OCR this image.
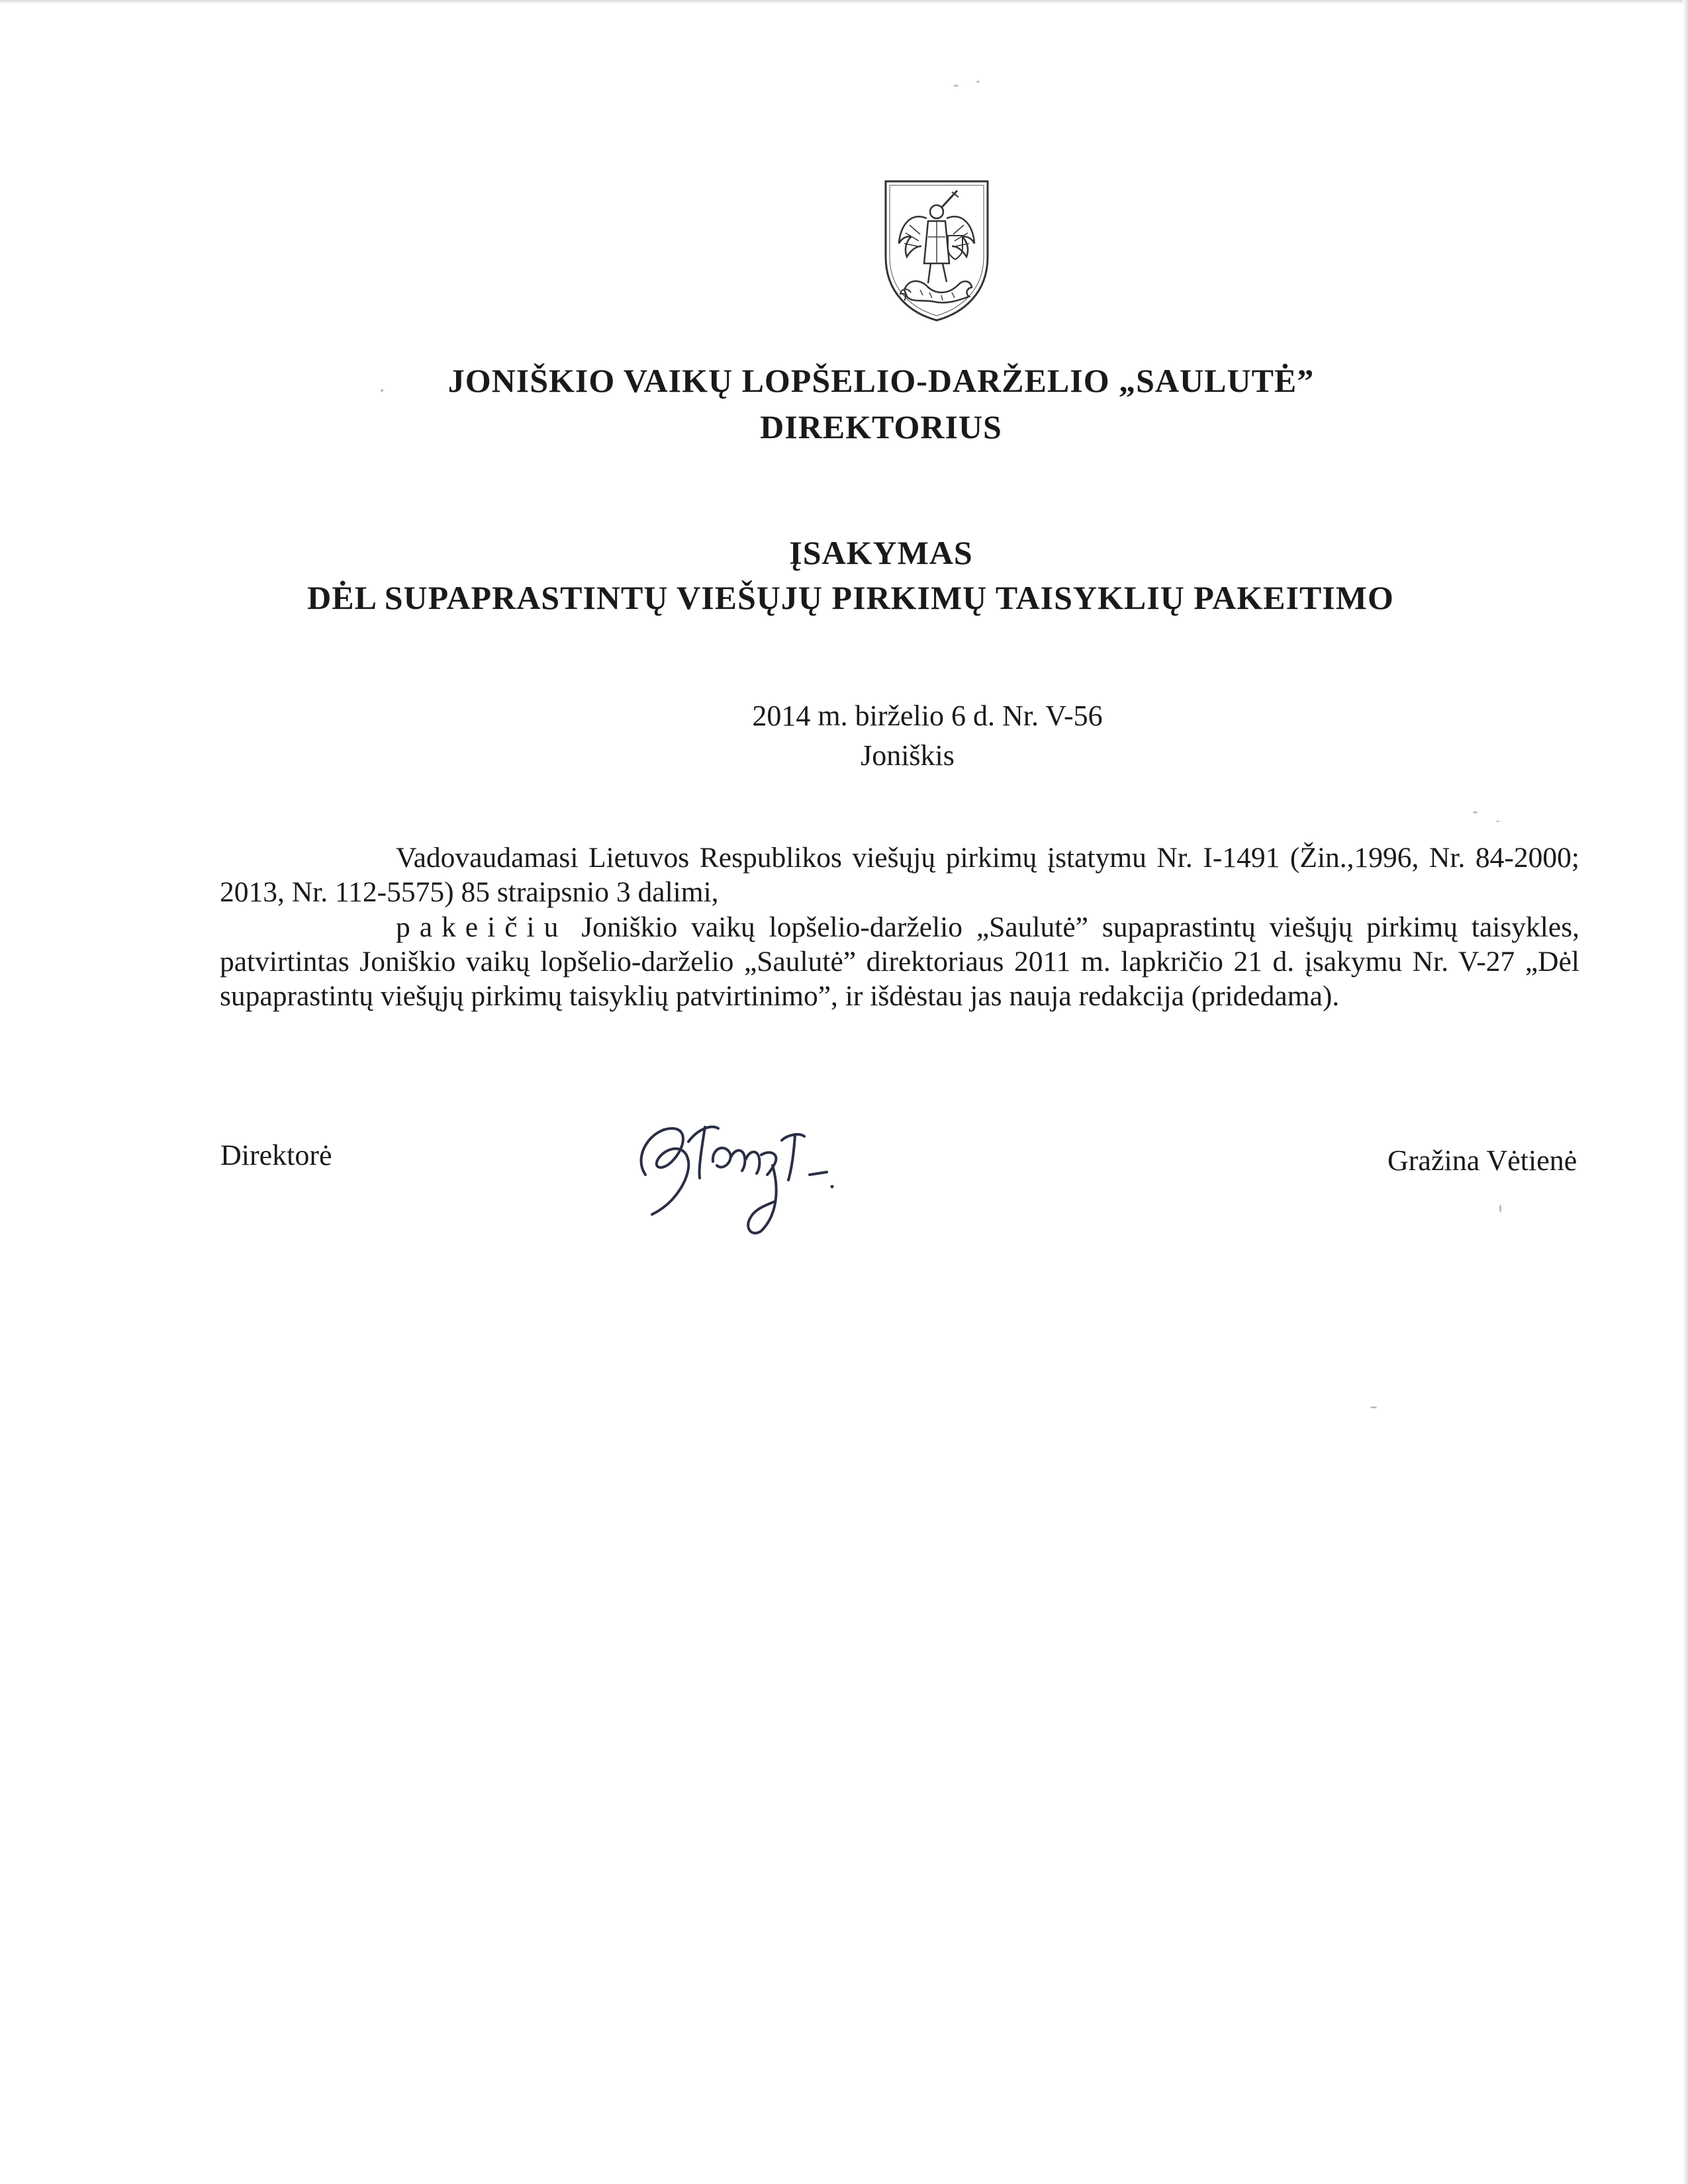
JONIŠKIO VAIKŲ LOPŠELIO-DARŽELIO „SAULUTĖ”
DIREKTORIUS
ĮSAKYMAS
DĖL SUPAPRASTINTŲ VIEŠŲJŲ PIRKIMŲ TAISYKLIŲ PAKEITIMO
2014 m. birželio 6 d. Nr. V-56
Joniškis
Vadovaudamasi Lietuvos Respublikos viešųjų pirkimų įstatymu Nr. I-1491 (Žin.,1996, Nr. 84-2000; 2013, Nr. 112-5575) 85 straipsnio 3 dalimi,
pakeičiu Joniškio vaikų lopšelio-darželio „Saulutė” supaprastintų viešųjų pirkimų taisykles, patvirtintas Joniškio vaikų lopšelio-darželio „Saulutė” direktoriaus 2011 m. lapkričio 21 d. įsakymu Nr. V-27 „Dėl supaprastintų viešųjų pirkimų taisyklių patvirtinimo”, ir išdėstau jas nauja redakcija (pridedama).
Direktorė	Gražina Vėtienė
